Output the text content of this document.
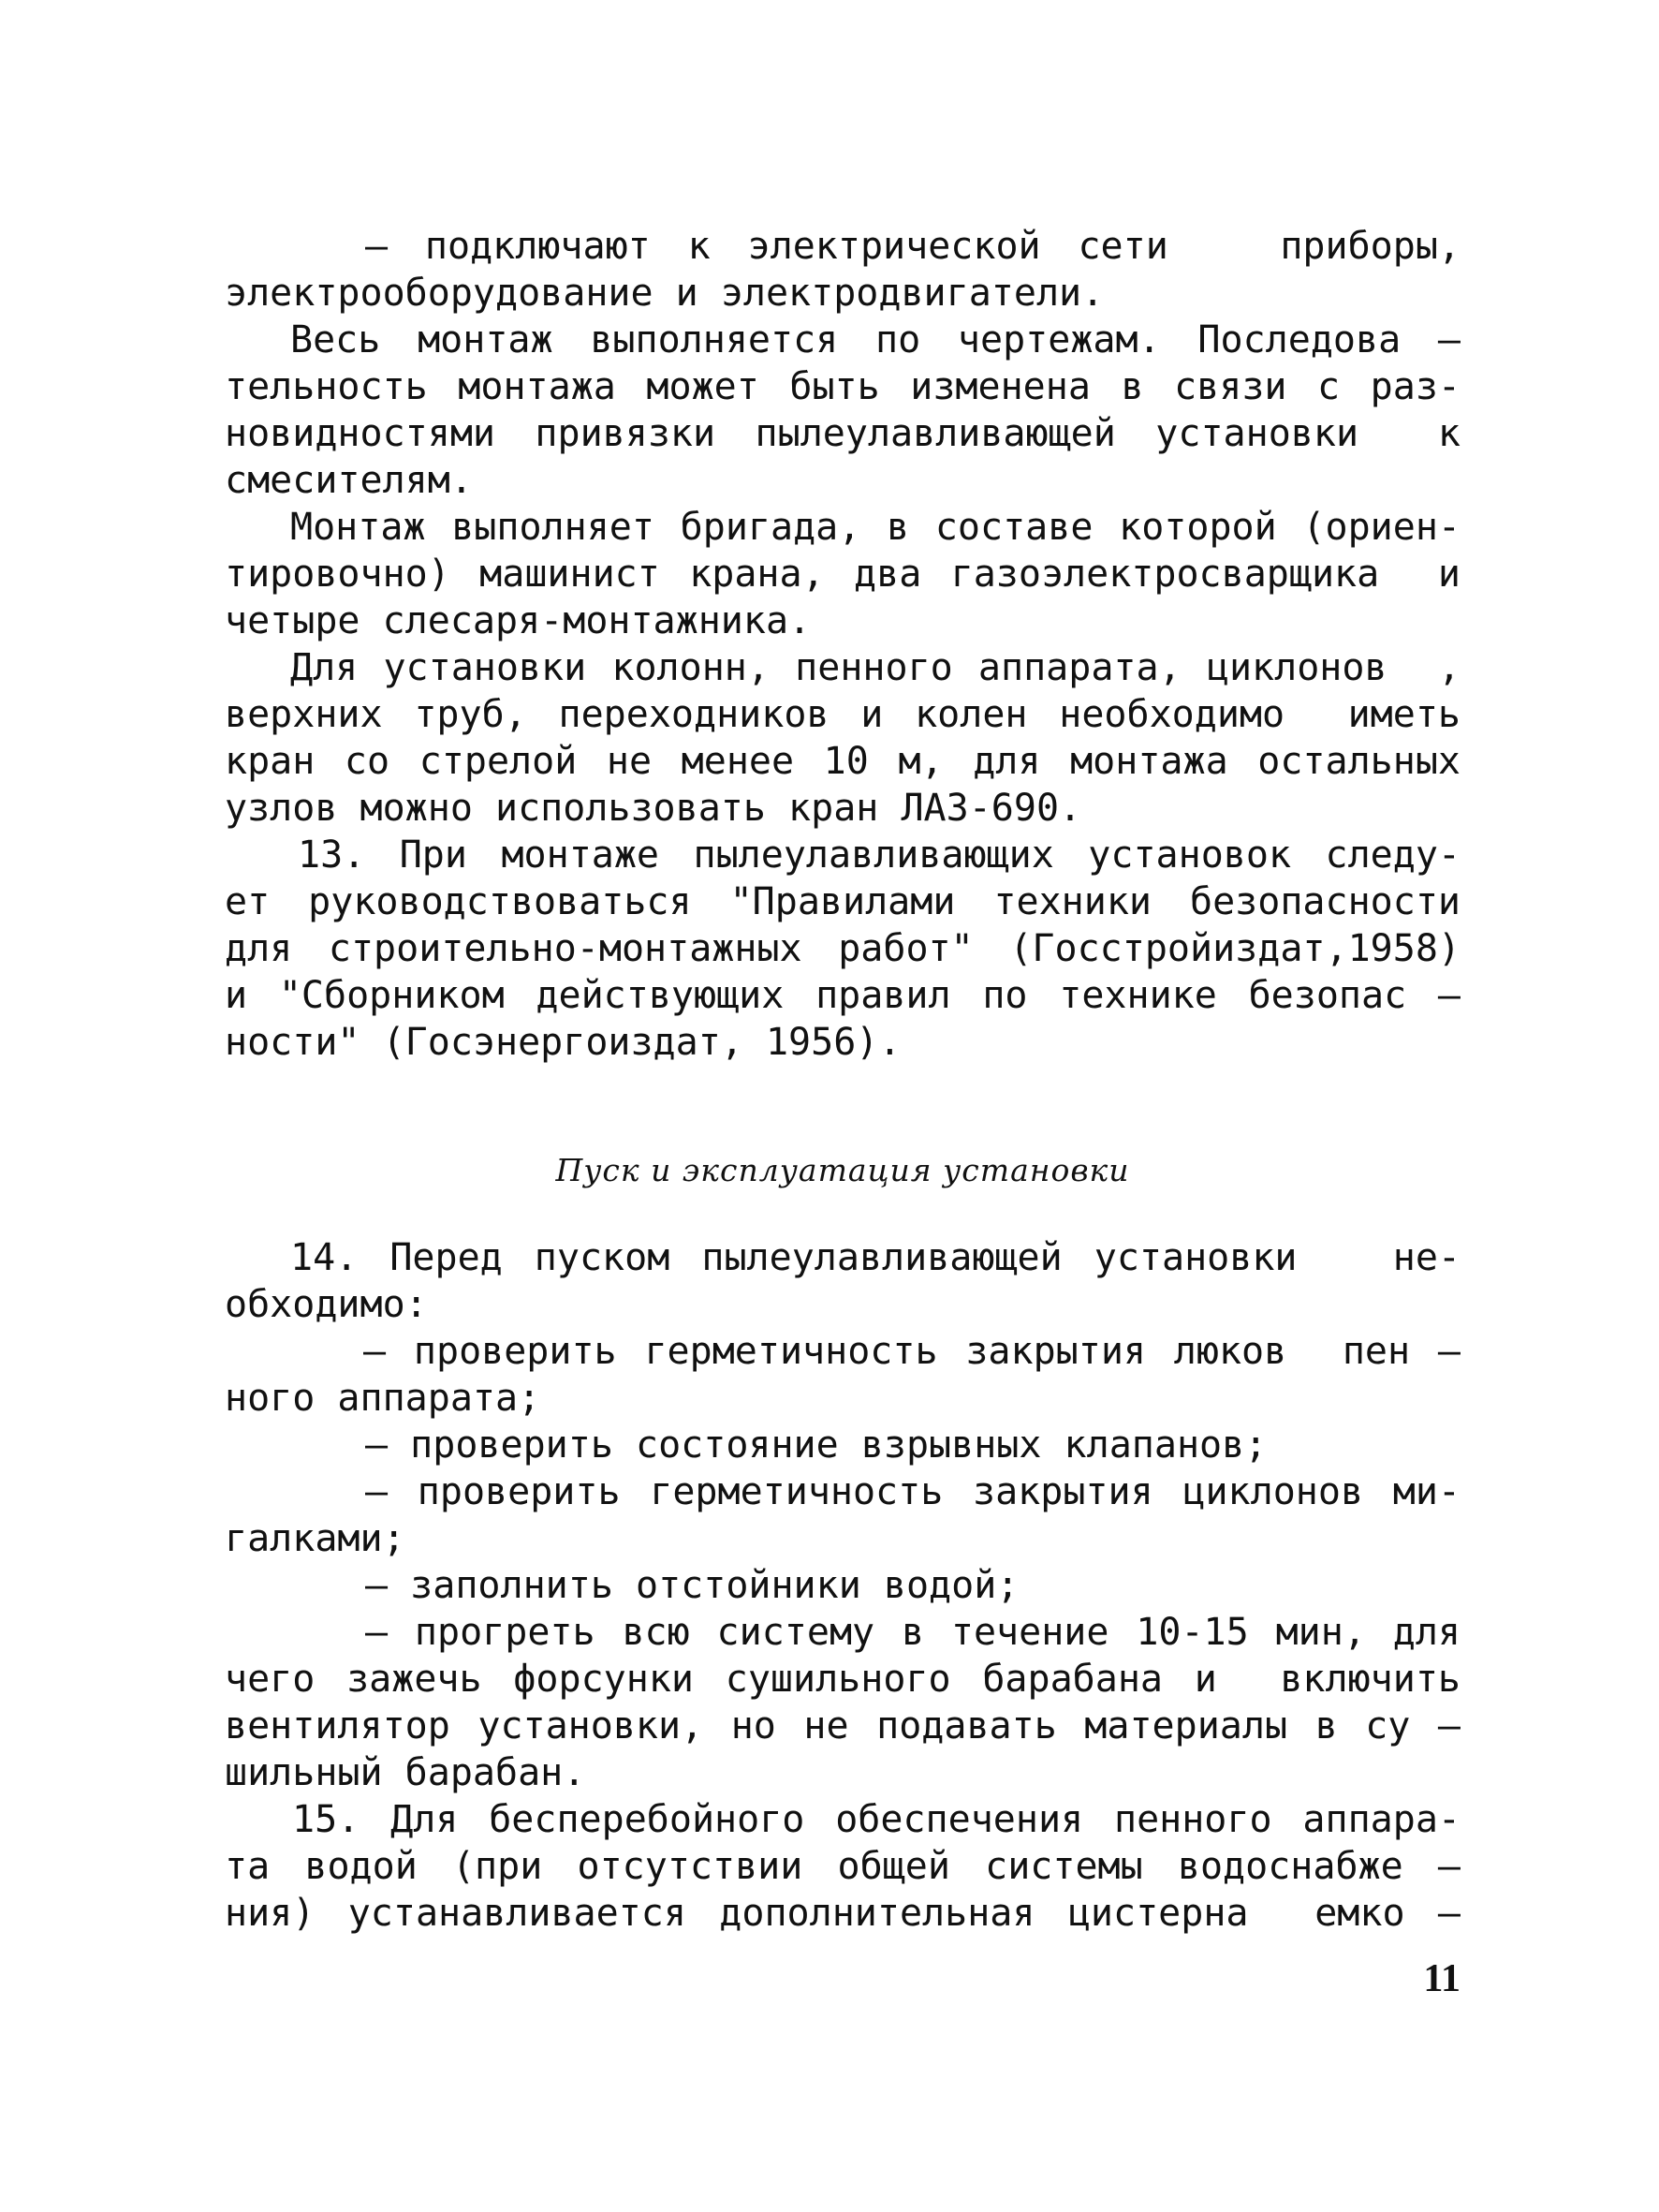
– подключают к электрической сети   приборы,

электрооборудование и электродвигатели.

Весь монтаж выполняется по чертежам. Последова –

тельность монтажа может быть изменена в связи с раз-

новидностями привязки пылеулавливающей установки  к

смесителям.

Монтаж выполняет бригада, в составе которой (ориен-

тировочно) машинист крана, два газоэлектросварщика  и

четыре слесаря-монтажника.

Для установки колонн, пенного аппарата, циклонов  ,

верхних труб, переходников и колен необходимо  иметь

кран со стрелой не менее 10 м, для монтажа остальных

узлов можно использовать кран ЛАЗ-690.

13. При монтаже пылеулавливающих установок следу-

ет руководствоваться "Правилами техники безопасности

для строительно-монтажных работ" (Госстройиздат,1958)

и "Сборником действующих правил по технике безопас –

ности" (Госэнергоиздат, 1956).

Пуск и эксплуатация установки

14. Перед пуском пылеулавливающей установки   не-

обходимо:

– проверить герметичность закрытия люков  пен –

ного аппарата;

– проверить состояние взрывных клапанов;

– проверить герметичность закрытия циклонов ми-

галками;

– заполнить отстойники водой;

– прогреть всю систему в течение 10-15 мин, для

чего зажечь форсунки сушильного барабана и  включить

вентилятор установки, но не подавать материалы в су –

шильный барабан.

15. Для бесперебойного обеспечения пенного аппара-

та водой (при отсутствии общей системы водоснабже –

ния) устанавливается дополнительная цистерна  емко –

11
